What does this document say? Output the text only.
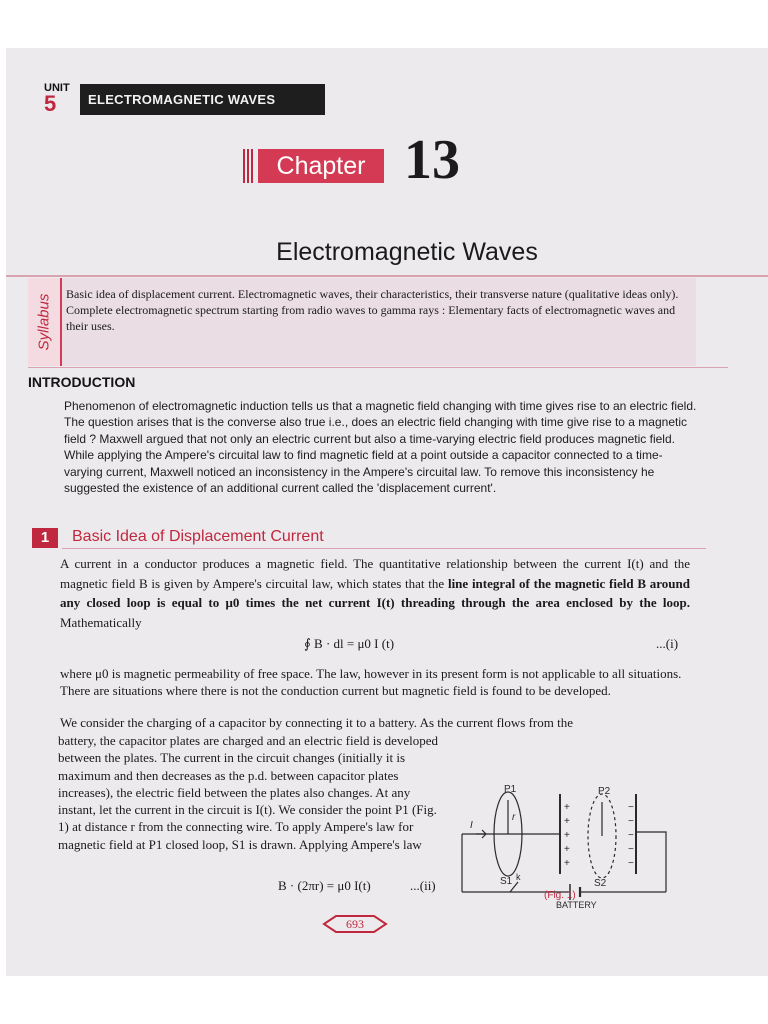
UNIT
5	ELECTROMAGNETIC WAVES
Chapter 13
Electromagnetic Waves
Syllabus	Basic idea of displacement current. Electromagnetic waves, their characteristics, their transverse nature (qualitative ideas only). Complete electromagnetic spectrum starting from radio waves to gamma rays : Elementary facts of electromagnetic waves and their uses.
INTRODUCTION
Phenomenon of electromagnetic induction tells us that a magnetic field changing with time gives rise to an electric field. The question arises that is the converse also true i.e., does an electric field changing with time give rise to a magnetic field ? Maxwell argued that not only an electric current but also a time-varying electric field produces magnetic field. While applying the Ampere's circuital law to find magnetic field at a point outside a capacitor connected to a time-varying current, Maxwell noticed an inconsistency in the Ampere's circuital law. To remove this inconsistency he suggested the existence of an additional current called the 'displacement current'.
1	Basic Idea of Displacement Current
A current in a conductor produces a magnetic field. The quantitative relationship between the current I(t) and the magnetic field B is given by Ampere's circuital law, which states that the line integral of the magnetic field B around any closed loop is equal to μ0 times the net current I(t) threading through the area enclosed by the loop. Mathematically
∮ B · dl = μ0 I (t)	...(i)
where μ0 is magnetic permeability of free space. The law, however in its present form is not applicable to all situations. There are situations where there is not the conduction current but magnetic field is found to be developed.
We consider the charging of a capacitor by connecting it to a battery. As the current flows from the
battery, the capacitor plates are charged and an electric field is developed between the plates. The current in the circuit changes (initially it is maximum and then decreases as the p.d. between capacitor plates increases), the electric field between the plates also changes. At any instant, let the current in the circuit is I(t). We consider the point P1 (Fig. 1) at distance r from the connecting wire. To apply Ampere's law for magnetic field at P1 closed loop, S1 is drawn. Applying Ampere's law
B · (2πr) = μ0 I(t)	...(ii)
+
+
+
+
+
−
−
−
−
−
P1	P2
r
I
S1	S2
k
BATTERY
(Fig. 1)
693
